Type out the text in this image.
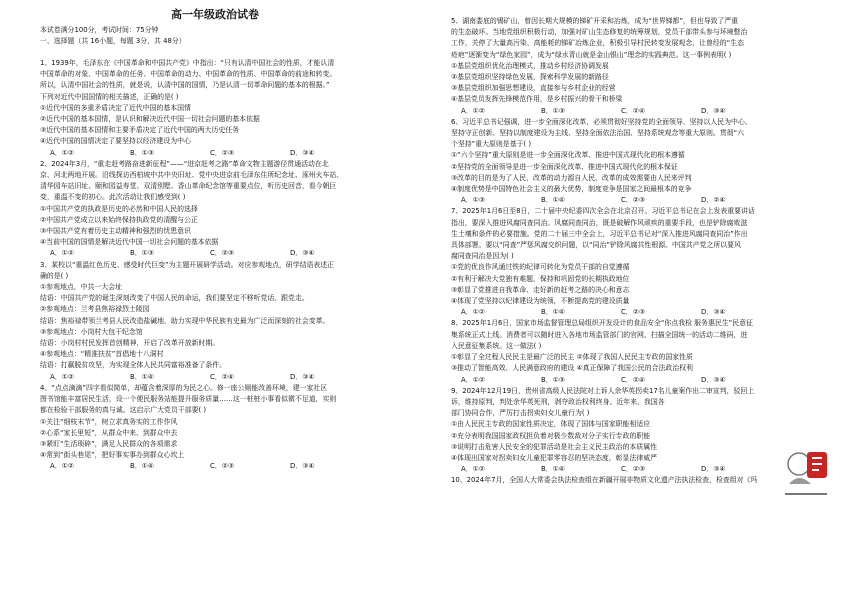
高一年级政治试卷
本试卷满分100分，考试时间：75分钟
一、选择题（共 16小题，每题 3分，共 48分）
1、1939年，毛泽东在《中国革命和中国共产党》中指出：“只有认清中国社会的性质，才能认清
中国革命的对象、中国革命的任务、中国革命的动力、中国革命的性质、中国革命的前途和转变。
所以，认清中国社会的性质，就是说，认清中国的国情，乃是认清一切革命问题的基本的根据。”
下列对近代中国国情的相关描述，正确的是( )
①近代中国的多重矛盾决定了近代中国的基本国情
②近代中国的基本国情，是认识和解决近代中国一切社会问题的基本依据
③近代中国的基本国情和主要矛盾决定了近代中国的两大历史任务
④近代中国的国情决定了要坚持以经济建设为中心
A．①②	B．①③	C．②③	D．③④
2、2024年3月，“重走赶考路奋进新征程”——“进京赶考之路”革命文物主题游径贯通活动在北
京、河北两地开展。沿线探访西柏坡中共中央旧址、党中央进京前毛泽东住所纪念址、涿州火车站、
清华园车站旧址、颐和园益寿堂、双清别墅、香山革命纪念馆等重要点位，听历史回音，看今朝巨
变，重温不变的初心。此次活动让我们感受到( )
①中国共产党的执政是历史的必然和中国人民的选择
②中国共产党成立以来始终保持执政党的清醒与公正
③中国共产党有着历史主动精神和强烈的忧患意识
④当前中国的国情是解决近代中国一切社会问题的基本依据
A．①②	B．①③	C．②③	D．③④
3、某校以“重温红色历史、感受时代巨变”为主题开展研学活动。对应参观地点，研学结语表述正
确的是( )
①参观地点，中共一大会址
结语：中国共产党的诞生深刻改变了中国人民的命运，我们要坚定不移听党话、跟党走。
②参观地点：兰考县焦裕禄烈士陵园
结语：焦裕禄带领兰考县人民改造盐碱地，助力实现中华民族有史最为广泛而深刻的社会变革。
③参观地点：小岗村大包干纪念馆
结语：小岗村村民发挥首创精神，开启了改革开放新时期。
④参观地点：“精准扶贫”首倡地十八洞村
结语：打赢脱贫攻坚，为实现全体人民共同富裕准备了条件。
A．①②	B．①④	C．②④	D．③④
4、“点点滴滴”四字看似简单，却蕴含着深厚的为民之心。修一座公厕能改善环境，建一家社区
图书馆能丰富居民生活，设一个便民服务站能提升服务质量……这一桩桩小事看似微不足道，实则
都在检验干部服务的真与诚。这启示广大党员干部要( )
①关注“细枝末节”，树立求真务实的工作作风
②心系“家长里短”，从群众中来、到群众中去
③紧盯“生活琐碎”，满足人民群众的各项需求
④常到“街头巷尾”，把好事实事办到群众心坎上
A．①②	B．①④	C．②③	D．③④
5、湖南娄底的锡矿山，曾因长期大规模的锑矿开采和冶炼，成为“世界锑都”，但也导致了严重
的生态破坏。当地党组织积极行动，加强对矿山生态修复的统筹规划，党员干部带头参与环境整治
工作，关停了大量高污染、高能耗的锑矿冶炼企业，积极引导村民转变发展观念，让曾经的“生态
疮疤”逐渐变为“绿色家园”，成为“绿水青山就是金山银山”理念的实践典范。这一事例表明( )
①基层党组织优化治理模式，推动乡村经济协调发展
②基层党组织坚持绿色发展，探索科学发展的新路径
③基层党组织加强思想建设，直接参与乡村企业的经营
④基层党员发挥先锋模范作用，是乡村振兴的骨干和桥梁
A．①②	B．①③	C．②④	D．③④
6、习近平总书记强调，进一步全面深化改革，必须贯彻好坚持党的全面领导、坚持以人民为中心、
坚持守正创新、坚持以制度建设为主线、坚持全面依法治国、坚持系统观念等重大原则。贯彻“六
个坚持”重大原则是基于( )
①“六个坚持”重大原则是进一步全面深化改革、推进中国式现代化的根本遵循
②坚持党的全面领导是进一步全面深化改革、推进中国式现代化的根本保证
③改革的目的是为了人民，改革的动力源自人民，改革的成效需要由人民来评判
④制度优势是中国特色社会主义的最大优势，制度竞争是国家之间最根本的竞争
A．①③	B．①④	C．②③	D．②④
7、2025年1月6日至8日，二十届中央纪委四次全会在北京召开。习近平总书记在会上发表重要讲话
指出，要深入推进风腐同查同治。风腐同查同治，既是破解作风顽疾的重要手段，也是铲除腐败滋
生土壤和条件的必要措施。党的二十届三中全会上，习近平总书记对“深入推进风腐同查同治”作出
具体部署。要以“同查”严惩风腐交织问题，以“同治”铲除风腐共性根源。中国共产党之所以要风
腐同查同治是因为( )
①党的优良作风通过铁的纪律可转化为党员干部的自觉遵循
②有利于解决大党独有难题，保持和巩固党的长期执政地位
③彰显了党推进自我革命、走好新的赶考之路的决心和意志
④体现了党坚持以纪律建设为统领，不断提高党的建设质量
A．①②	B．①④	C．②③	D．③④
8、2025年1月6日，国家市场监督管理总局组织开发设计的食品安全“你点我检 服务惠民生”民意征
集系统正式上线。消费者可以随时进入各地市场监管部门的官网，扫描全国统一的活动二维码，进
入民意征集系统。这一做法( )
①彰显了全过程人民民主是最广泛的民主 ②体现了我国人民民主专政的国家性质
③推动了智能高效、人民满意政府的建设 ④真正保障了我国公民的合法政治权利
A．①②	B．①③	C．②④	D．③④
9、2024年12月19日，贵州省高级人民法院对上诉人余华英拐卖17名儿童案作出二审宣判，驳回上
诉，维持原判，判处余华英死刑，剥夺政治权利终身。近年来，我国各
部门协同合作，严厉打击拐卖妇女儿童行为( )
①由人民民主专政的国家性质决定，体现了国体与国家职能相适应
②充分表明我国国家政权担负着对极少数敌对分子实行专政的职能
③说明打击危害人民安全的犯罪活动是社会主义民主政治的本质属性
④体现出国家对拐卖妇女儿童犯罪零容忍的坚决态度，彰显法律威严
A．①②	B．①④	C．②③	D．③④
10、2024年7月，全国人大常委会执法检查组在新疆开展非物质文化遗产法执法检查，检查组对《玛
